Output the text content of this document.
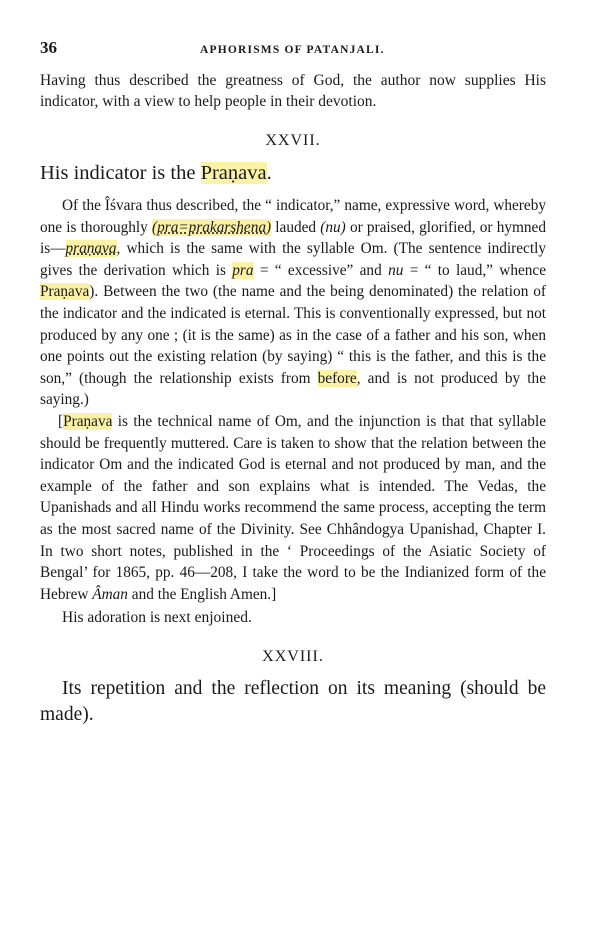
36	APHORISMS OF PATANJALI.

Having thus described the greatness of God, the author now supplies His indicator, with a view to help people in their devotion.

XXVII.

His indicator is the Praṇava.

Of the Îśvara thus described, the “ indicator,” name, expressive word, whereby one is thoroughly (pra=prakarshena) lauded (nu) or praised, glorified, or hymned is—praṇava, which is the same with the syllable Om. (The sentence indirectly gives the derivation which is pra = “ excessive” and nu = “ to laud,” whence Praṇava). Between the two (the name and the being denominated) the relation of the indicator and the indicated is eternal. This is conventionally expressed, but not produced by any one ; (it is the same) as in the case of a father and his son, when one points out the existing relation (by saying) “ this is the father, and this is the son,” (though the relationship exists from before, and is not produced by the saying.)

[Praṇava is the technical name of Om, and the injunction is that that syllable should be frequently muttered. Care is taken to show that the relation between the indicator Om and the indicated God is eternal and not produced by man, and the example of the father and son explains what is intended. The Vedas, the Upanishads and all Hindu works recommend the same process, accepting the term as the most sacred name of the Divinity. See Chhândogya Upanishad, Chapter I. In two short notes, published in the ‘ Proceedings of the Asiatic Society of Bengal’ for 1865, pp. 46—208, I take the word to be the Indianized form of the Hebrew Âman and the English Amen.]

His adoration is next enjoined.

XXVIII.

Its repetition and the reflection on its meaning (should be made).
